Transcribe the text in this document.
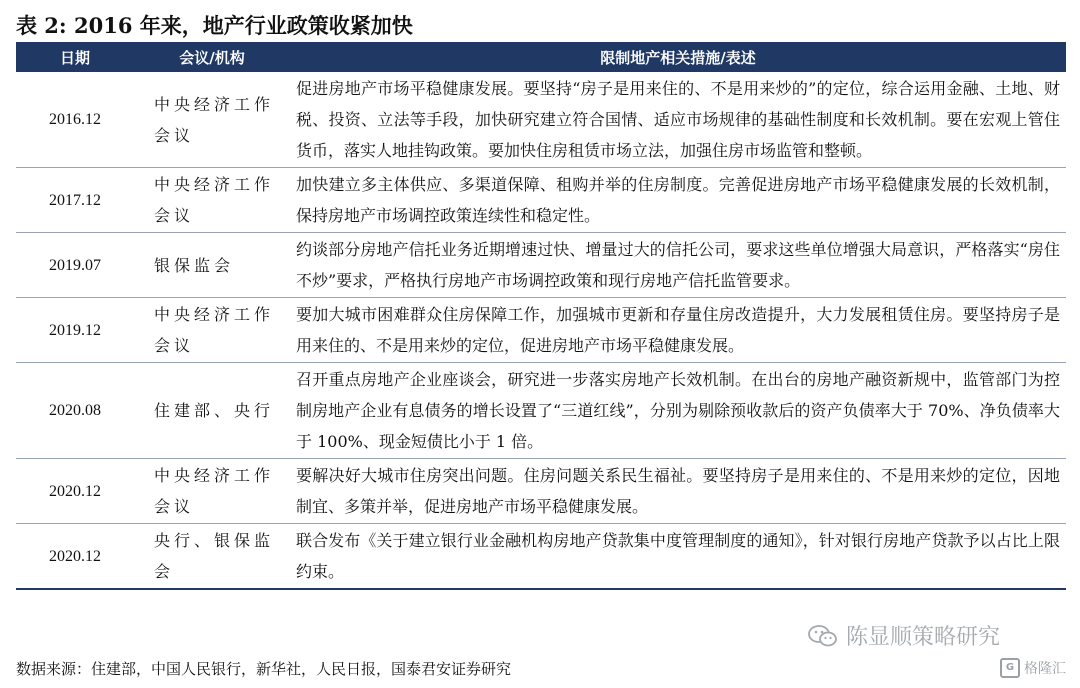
表 2: 2016 年来，地产行业政策收紧加快
日期	会议/机构	限制地产相关措施/表述
2016.12	中央经济工作会议	促进房地产市场平稳健康发展。要坚持“房子是用来住的、不是用来炒的”的定位，综合运用金融、土地、财税、投资、立法等手段，加快研究建立符合国情、适应市场规律的基础性制度和长效机制。要在宏观上管住货币，落实人地挂钩政策。要加快住房租赁市场立法，加强住房市场监管和整顿。
2017.12	中央经济工作会议	加快建立多主体供应、多渠道保障、租购并举的住房制度。完善促进房地产市场平稳健康发展的长效机制，保持房地产市场调控政策连续性和稳定性。
2019.07	银保监会	约谈部分房地产信托业务近期增速过快、增量过大的信托公司，要求这些单位增强大局意识，严格落实“房住不炒”要求，严格执行房地产市场调控政策和现行房地产信托监管要求。
2019.12	中央经济工作会议	要加大城市困难群众住房保障工作，加强城市更新和存量住房改造提升，大力发展租赁住房。要坚持房子是用来住的、不是用来炒的定位，促进房地产市场平稳健康发展。
2020.08	住建部、央行	召开重点房地产企业座谈会，研究进一步落实房地产长效机制。在出台的房地产融资新规中，监管部门为控制房地产企业有息债务的增长设置了“三道红线”，分别为剔除预收款后的资产负债率大于 70%、净负债率大于 100%、现金短债比小于 1 倍。
2020.12	中央经济工作会议	要解决好大城市住房突出问题。住房问题关系民生福祉。要坚持房子是用来住的、不是用来炒的定位，因地制宜、多策并举，促进房地产市场平稳健康发展。
2020.12	央行、银保监会	联合发布《关于建立银行业金融机构房地产贷款集中度管理制度的通知》，针对银行房地产贷款予以占比上限约束。
数据来源：住建部，中国人民银行，新华社，人民日报，国泰君安证券研究
陈显顺策略研究
G 格隆汇
